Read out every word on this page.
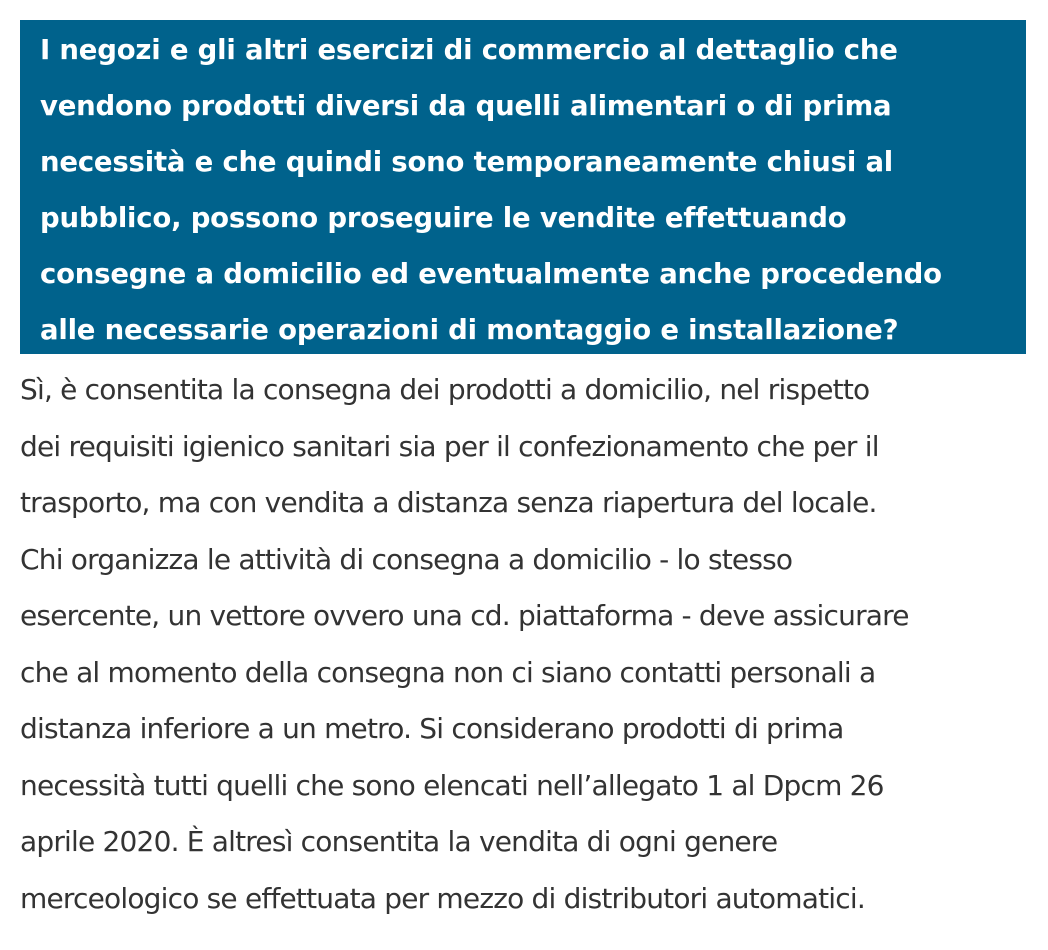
I negozi e gli altri esercizi di commercio al dettaglio che
vendono prodotti diversi da quelli alimentari o di prima
necessità e che quindi sono temporaneamente chiusi al
pubblico, possono proseguire le vendite effettuando
consegne a domicilio ed eventualmente anche procedendo
alle necessarie operazioni di montaggio e installazione?
Sì, è consentita la consegna dei prodotti a domicilio, nel rispetto
dei requisiti igienico sanitari sia per il confezionamento che per il
trasporto, ma con vendita a distanza senza riapertura del locale.
Chi organizza le attività di consegna a domicilio - lo stesso
esercente, un vettore ovvero una cd. piattaforma - deve assicurare
che al momento della consegna non ci siano contatti personali a
distanza inferiore a un metro. Si considerano prodotti di prima
necessità tutti quelli che sono elencati nell’allegato 1 al Dpcm 26
aprile 2020. È altresì consentita la vendita di ogni genere
merceologico se effettuata per mezzo di distributori automatici.
